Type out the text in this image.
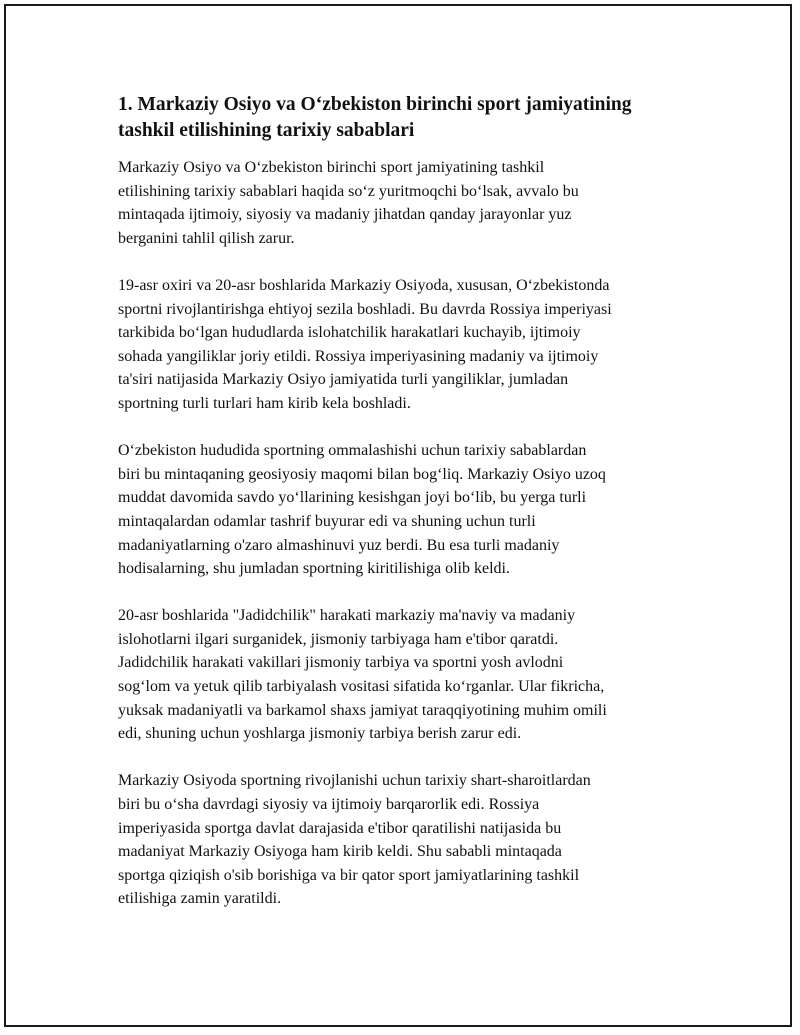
1. Markaziy Osiyo va O‘zbekiston birinchi sport jamiyatining
tashkil etilishining tarixiy sabablari

Markaziy Osiyo va O‘zbekiston birinchi sport jamiyatining tashkil
etilishining tarixiy sabablari haqida so‘z yuritmoqchi bo‘lsak, avvalo bu
mintaqada ijtimoiy, siyosiy va madaniy jihatdan qanday jarayonlar yuz
berganini tahlil qilish zarur.

19-asr oxiri va 20-asr boshlarida Markaziy Osiyoda, xususan, O‘zbekistonda
sportni rivojlantirishga ehtiyoj sezila boshladi. Bu davrda Rossiya imperiyasi
tarkibida bo‘lgan hududlarda islohatchilik harakatlari kuchayib, ijtimoiy
sohada yangiliklar joriy etildi. Rossiya imperiyasining madaniy va ijtimoiy
ta'siri natijasida Markaziy Osiyo jamiyatida turli yangiliklar, jumladan
sportning turli turlari ham kirib kela boshladi.

O‘zbekiston hududida sportning ommalashishi uchun tarixiy sabablardan
biri bu mintaqaning geosiyosiy maqomi bilan bog‘liq. Markaziy Osiyo uzoq
muddat davomida savdo yo‘llarining kesishgan joyi bo‘lib, bu yerga turli
mintaqalardan odamlar tashrif buyurar edi va shuning uchun turli
madaniyatlarning o'zaro almashinuvi yuz berdi. Bu esa turli madaniy
hodisalarning, shu jumladan sportning kiritilishiga olib keldi.

20-asr boshlarida "Jadidchilik" harakati markaziy ma'naviy va madaniy
islohotlarni ilgari surganidek, jismoniy tarbiyaga ham e'tibor qaratdi.
Jadidchilik harakati vakillari jismoniy tarbiya va sportni yosh avlodni
sog‘lom va yetuk qilib tarbiyalash vositasi sifatida ko‘rganlar. Ular fikricha,
yuksak madaniyatli va barkamol shaxs jamiyat taraqqiyotining muhim omili
edi, shuning uchun yoshlarga jismoniy tarbiya berish zarur edi.

Markaziy Osiyoda sportning rivojlanishi uchun tarixiy shart-sharoitlardan
biri bu o‘sha davrdagi siyosiy va ijtimoiy barqarorlik edi. Rossiya
imperiyasida sportga davlat darajasida e'tibor qaratilishi natijasida bu
madaniyat Markaziy Osiyoga ham kirib keldi. Shu sababli mintaqada
sportga qiziqish o'sib borishiga va bir qator sport jamiyatlarining tashkil
etilishiga zamin yaratildi.
